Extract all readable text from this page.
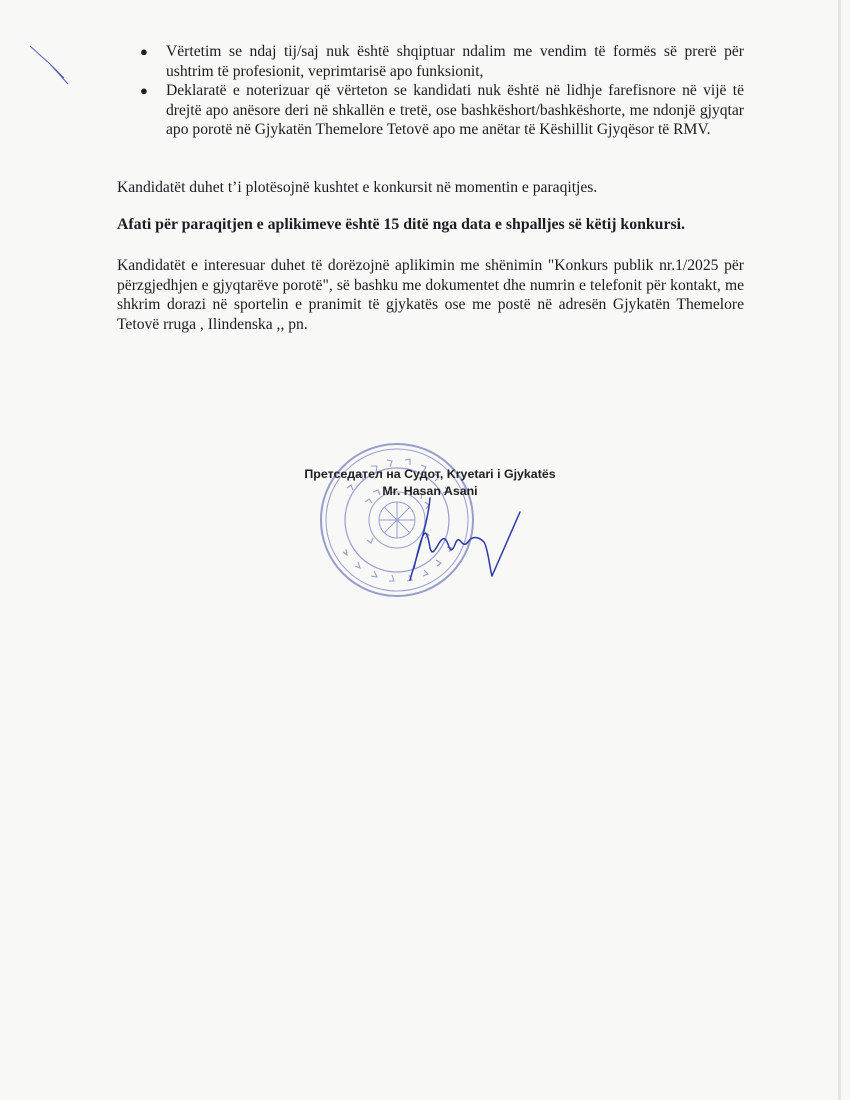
● Vërtetim se ndaj tij/saj nuk është shqiptuar ndalim me vendim të formës së prerë për ushtrim të profesionit, veprimtarisë apo funksionit,
● Deklaratë e noterizuar që vërteton se kandidati nuk është në lidhje farefisnore në vijë të drejtë apo anësore deri në shkallën e tretë, ose bashkëshort/bashkëshorte, me ndonjë gjyqtar apo porotë në Gjykatën Themelore Tetovë apo me anëtar të Këshillit Gjyqësor të RMV.

Kandidatët duhet t’i plotësojnë kushtet e konkursit në momentin e paraqitjes.

Afati për paraqitjen e aplikimeve është 15 ditë nga data e shpalljes së këtij konkursi.

Kandidatët e interesuar duhet të dorëzojnë aplikimin me shënimin "Konkurs publik nr.1/2025 për përzgjedhjen e gjyqtarëve porotë", së bashku me dokumentet dhe numrin e telefonit për kontakt, me shkrim dorazi në sportelin e pranimit të gjykatës ose me postë në adresën Gjykatën Themelore Tetovë rruga , Ilindenska ,, pn.

Претседател на Судот, Kryetari i Gjykatës
Mr. Hasan Asani
